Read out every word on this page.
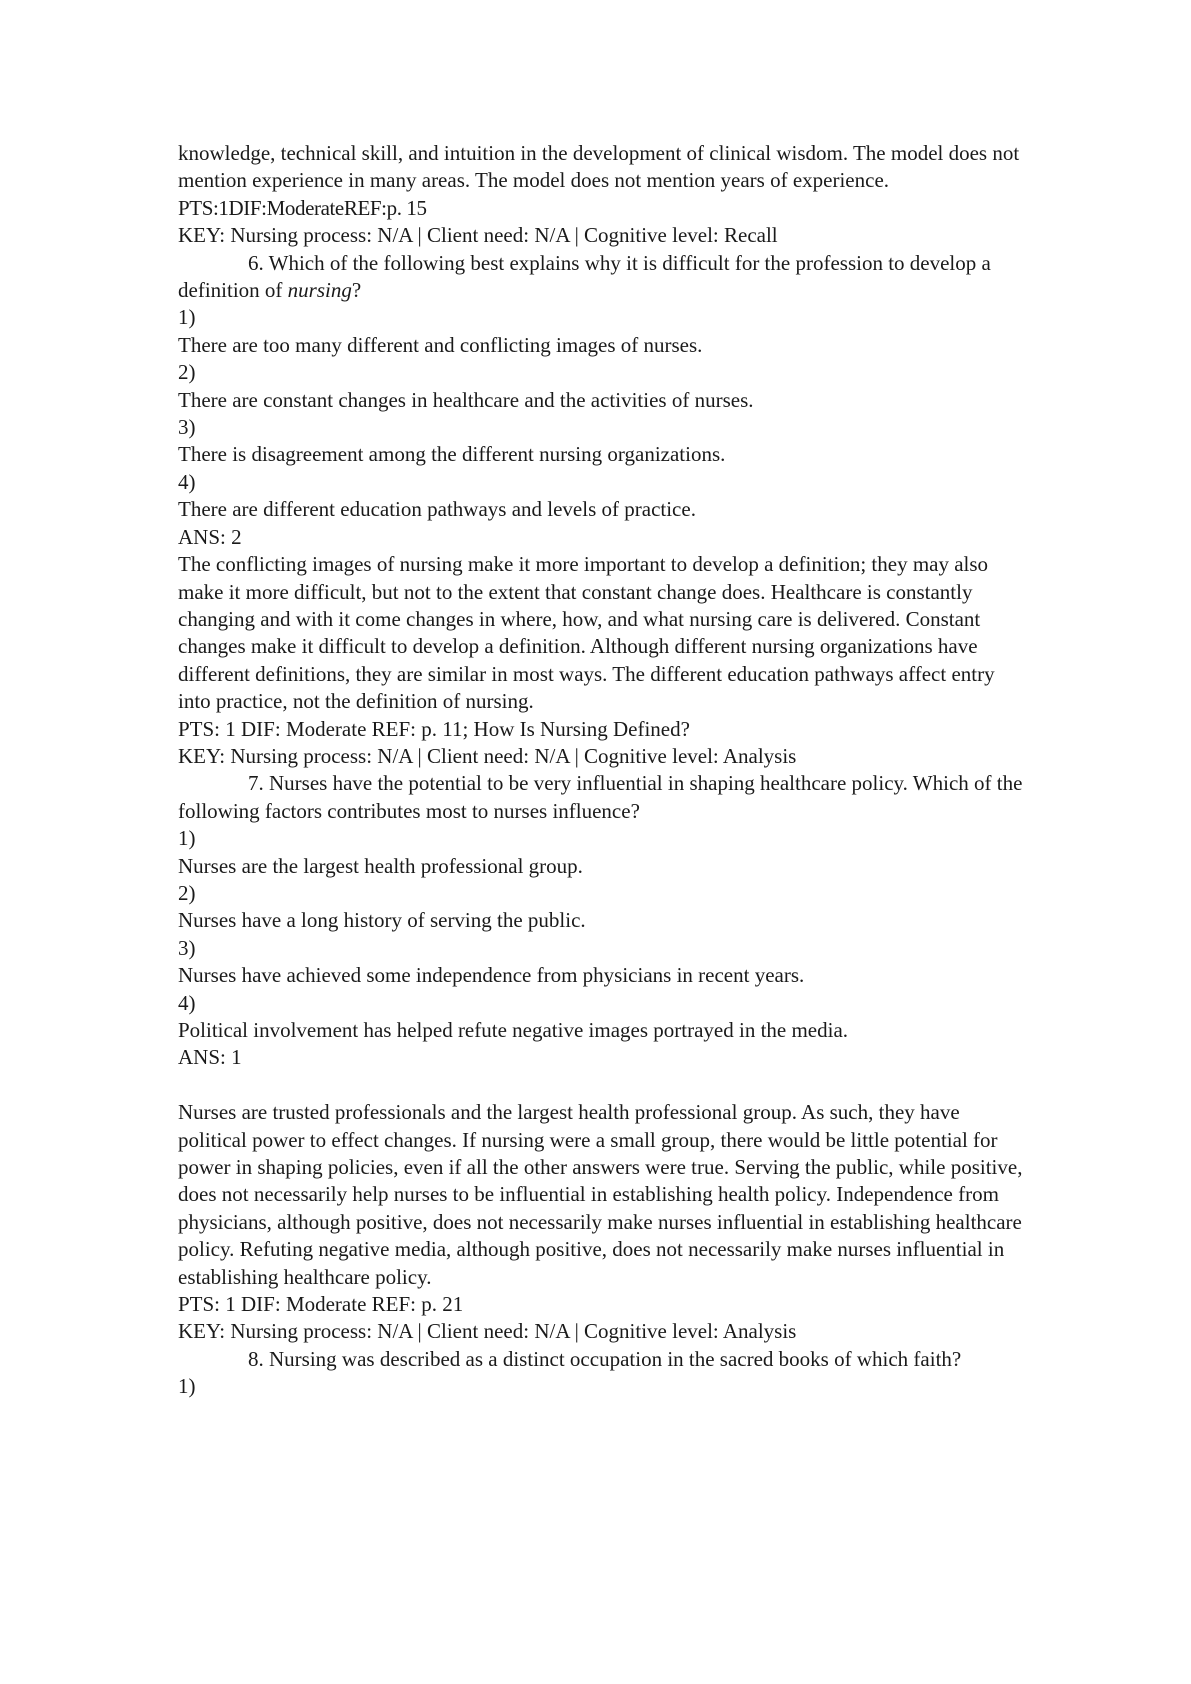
knowledge, technical skill, and intuition in the development of clinical wisdom. The model does not mention experience in many areas. The model does not mention years of experience.

PTS:1DIF:ModerateREF:p. 15

KEY: Nursing process: N/A | Client need: N/A | Cognitive level: Recall

6. Which of the following best explains why it is difficult for the profession to develop a definition of nursing?

1)

There are too many different and conflicting images of nurses.

2)

There are constant changes in healthcare and the activities of nurses.

3)

There is disagreement among the different nursing organizations.

4)

There are different education pathways and levels of practice.

ANS: 2

The conflicting images of nursing make it more important to develop a definition; they may also make it more difficult, but not to the extent that constant change does. Healthcare is constantly changing and with it come changes in where, how, and what nursing care is delivered. Constant changes make it difficult to develop a definition. Although different nursing organizations have different definitions, they are similar in most ways. The different education pathways affect entry into practice, not the definition of nursing.

PTS: 1 DIF: Moderate REF: p. 11; How Is Nursing Defined?

KEY: Nursing process: N/A | Client need: N/A | Cognitive level: Analysis

7. Nurses have the potential to be very influential in shaping healthcare policy. Which of the following factors contributes most to nurses influence?

1)

Nurses are the largest health professional group.

2)

Nurses have a long history of serving the public.

3)

Nurses have achieved some independence from physicians in recent years.

4)

Political involvement has helped refute negative images portrayed in the media.

ANS: 1

Nurses are trusted professionals and the largest health professional group. As such, they have political power to effect changes. If nursing were a small group, there would be little potential for power in shaping policies, even if all the other answers were true. Serving the public, while positive, does not necessarily help nurses to be influential in establishing health policy. Independence from physicians, although positive, does not necessarily make nurses influential in establishing healthcare policy. Refuting negative media, although positive, does not necessarily make nurses influential in establishing healthcare policy.

PTS: 1 DIF: Moderate REF: p. 21

KEY: Nursing process: N/A | Client need: N/A | Cognitive level: Analysis

8. Nursing was described as a distinct occupation in the sacred books of which faith?

1)
